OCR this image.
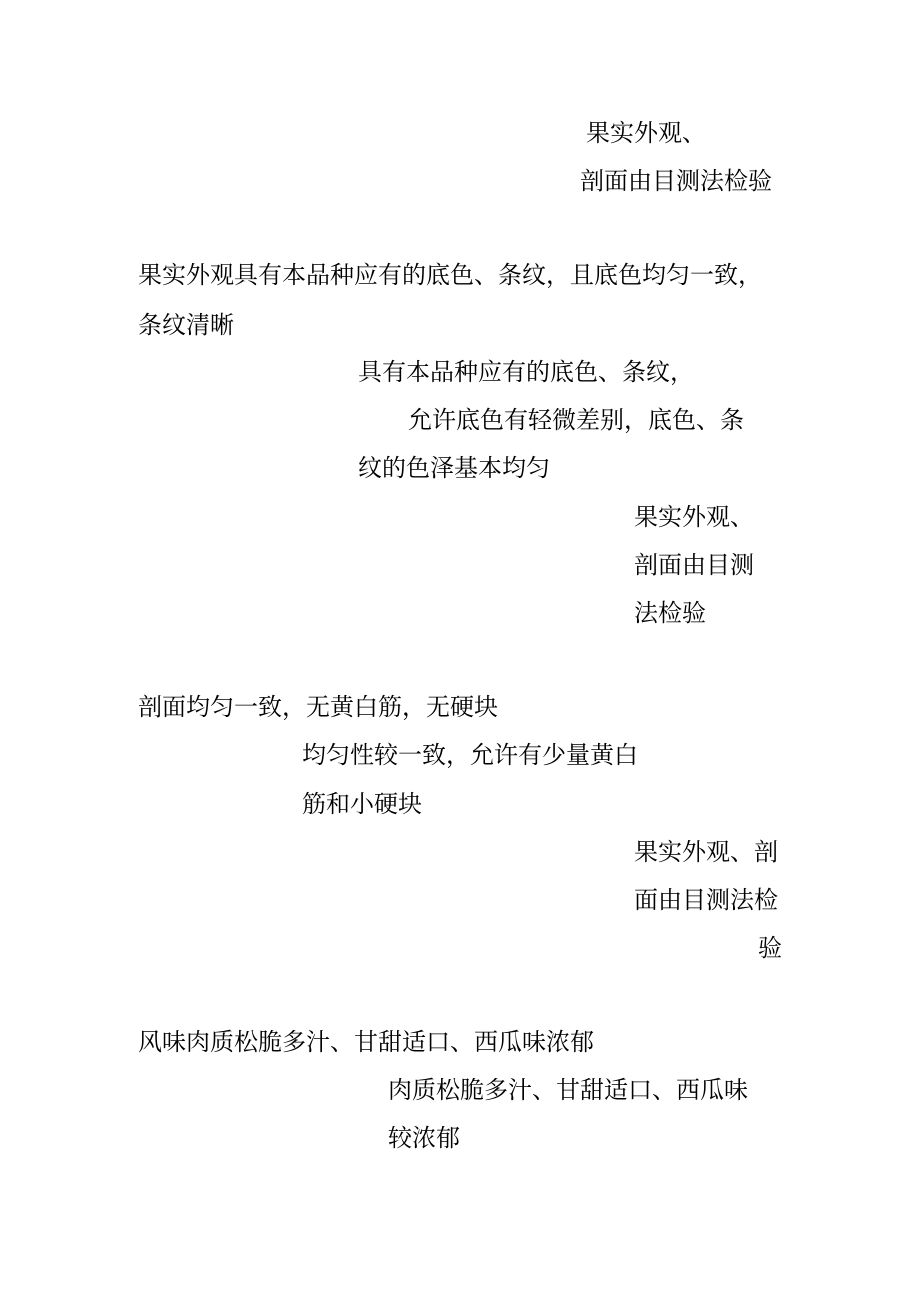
果实外观、
剖面由目测法检验
果实外观具有本品种应有的底色、条纹，且底色均匀一致，
条纹清晰
具有本品种应有的底色、条纹，
允许底色有轻微差别，底色、条
纹的色泽基本均匀
果实外观、
剖面由目测
法检验
剖面均匀一致，无黄白筋，无硬块
均匀性较一致，允许有少量黄白
筋和小硬块
果实外观、剖
面由目测法检
验
风味肉质松脆多汁、甘甜适口、西瓜味浓郁
肉质松脆多汁、甘甜适口、西瓜味
较浓郁
